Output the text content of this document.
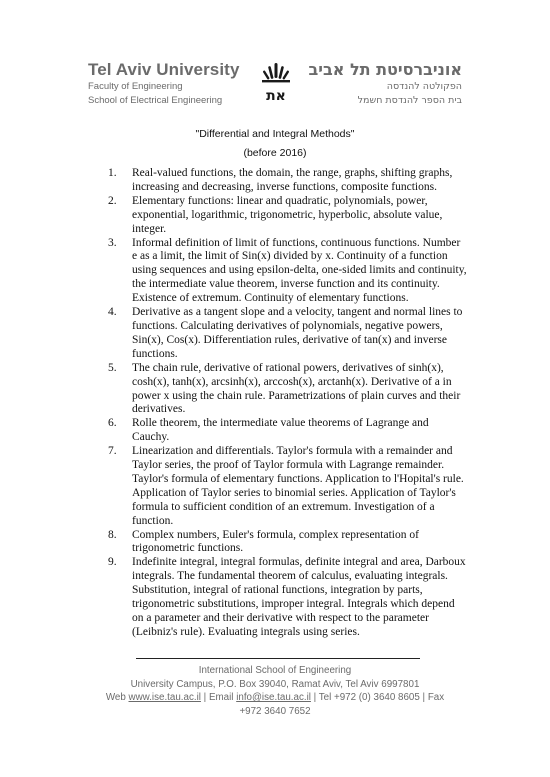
Tel Aviv University
Faculty of Engineering
School of Electrical Engineering	את
אוניברסיטת תל אביב
הפקולטה להנדסה
בית הספר להנדסת חשמל
"Differential and Integral Methods"
(before 2016)
1. Real-valued functions, the domain, the range, graphs, shifting graphs, increasing and decreasing, inverse functions, composite functions.
2. Elementary functions: linear and quadratic, polynomials, power, exponential, logarithmic, trigonometric, hyperbolic, absolute value, integer.
3. Informal definition of limit of functions, continuous functions. Number e as a limit, the limit of Sin(x) divided by x. Continuity of a function using sequences and using epsilon-delta, one-sided limits and continuity, the intermediate value theorem, inverse function and its continuity. Existence of extremum. Continuity of elementary functions.
4. Derivative as a tangent slope and a velocity, tangent and normal lines to functions. Calculating derivatives of polynomials, negative powers, Sin(x), Cos(x). Differentiation rules, derivative of tan(x) and inverse functions.
5. The chain rule, derivative of rational powers, derivatives of sinh(x), cosh(x), tanh(x), arcsinh(x), arccosh(x), arctanh(x). Derivative of a in power x using the chain rule. Parametrizations of plain curves and their derivatives.
6. Rolle theorem, the intermediate value theorems of Lagrange and Cauchy.
7. Linearization and differentials. Taylor's formula with a remainder and Taylor series, the proof of Taylor formula with Lagrange remainder. Taylor's formula of elementary functions. Application to l'Hopital's rule. Application of Taylor series to binomial series. Application of Taylor's formula to sufficient condition of an extremum. Investigation of a function.
8. Complex numbers, Euler's formula, complex representation of trigonometric functions.
9. Indefinite integral, integral formulas, definite integral and area, Darboux integrals. The fundamental theorem of calculus, evaluating integrals. Substitution, integral of rational functions, integration by parts, trigonometric substitutions, improper integral. Integrals which depend on a parameter and their derivative with respect to the parameter (Leibniz's rule). Evaluating integrals using series.
International School of Engineering
University Campus, P.O. Box 39040, Ramat Aviv, Tel Aviv 6997801
Web www.ise.tau.ac.il | Email info@ise.tau.ac.il | Tel +972 (0) 3640 8605 | Fax
+972 3640 7652
